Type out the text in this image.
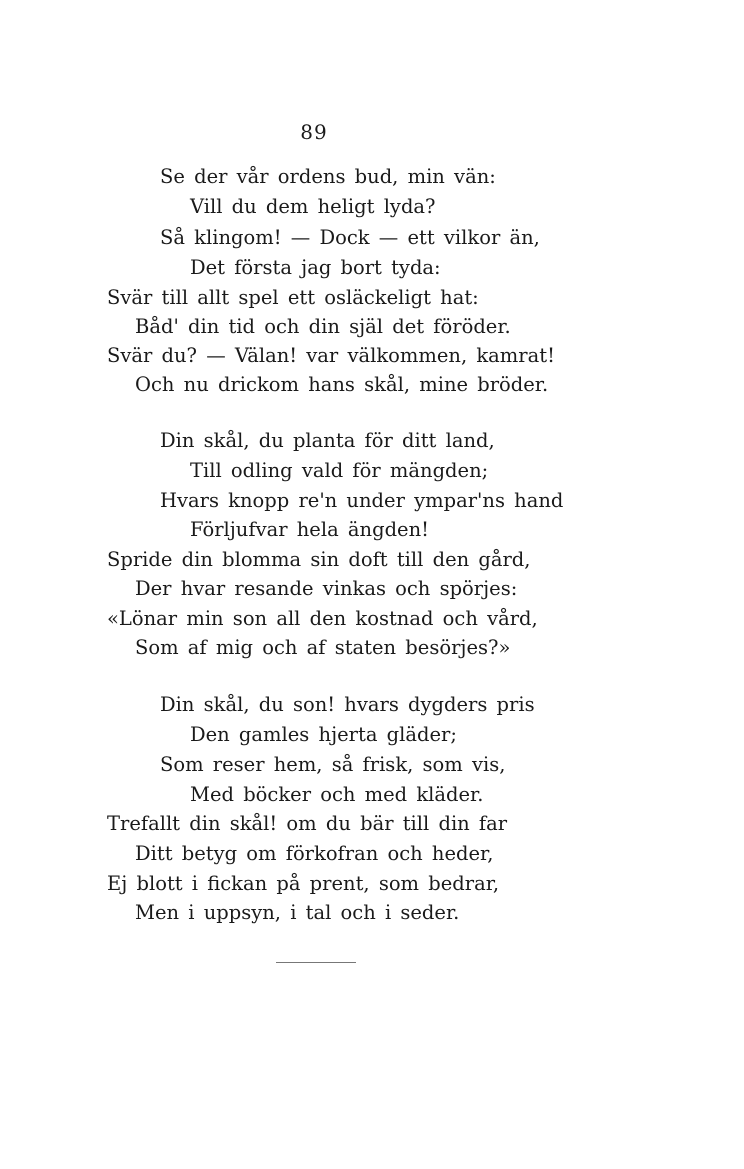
89
Se der vår ordens bud, min vän:
Vill du dem heligt lyda?
Så klingom! — Dock — ett vilkor än,
Det första jag bort tyda:
Svär till allt spel ett osläckeligt hat:
Båd' din tid och din själ det föröder.
Svär du? — Välan! var välkommen, kamrat!
Och nu drickom hans skål, mine bröder.
Din skål, du planta för ditt land,
Till odling vald för mängden;
Hvars knopp re'n under ympar'ns hand
Förljufvar hela ängden!
Spride din blomma sin doft till den gård,
Der hvar resande vinkas och spörjes:
«Lönar min son all den kostnad och vård,
Som af mig och af staten besörjes?»
Din skål, du son! hvars dygders pris
Den gamles hjerta gläder;
Som reser hem, så frisk, som vis,
Med böcker och med kläder.
Trefallt din skål! om du bär till din far
Ditt betyg om förkofran och heder,
Ej blott i fickan på prent, som bedrar,
Men i uppsyn, i tal och i seder.
